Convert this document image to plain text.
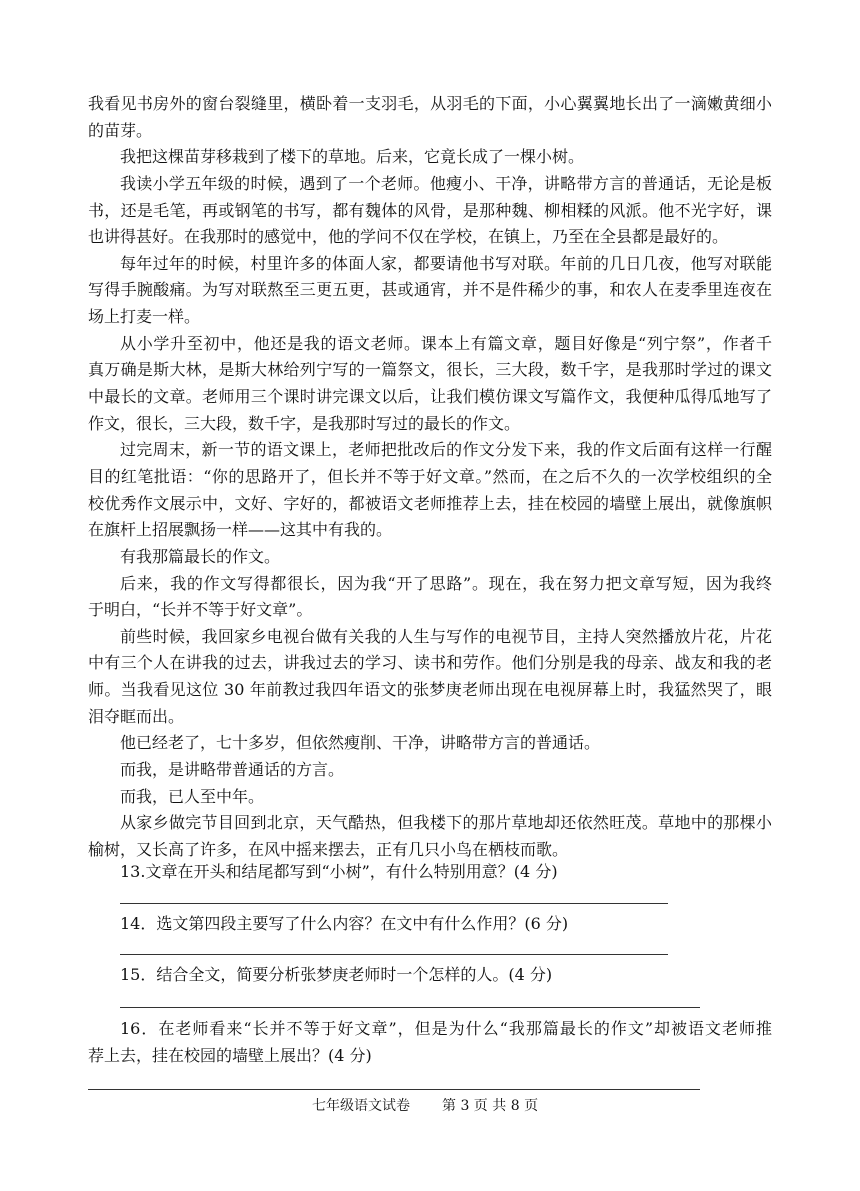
我看见书房外的窗台裂缝里，横卧着一支羽毛，从羽毛的下面，小心翼翼地长出了一滴嫩黄细小
的苗芽。
我把这棵苗芽移栽到了楼下的草地。后来，它竟长成了一棵小树。
我读小学五年级的时候，遇到了一个老师。他瘦小、干净，讲略带方言的普通话，无论是板
书，还是毛笔，再或钢笔的书写，都有魏体的风骨，是那种魏、柳相糅的风派。他不光字好，课
也讲得甚好。在我那时的感觉中，他的学问不仅在学校，在镇上，乃至在全县都是最好的。
每年过年的时候，村里许多的体面人家，都要请他书写对联。年前的几日几夜，他写对联能
写得手腕酸痛。为写对联熬至三更五更，甚或通宵，并不是件稀少的事，和农人在麦季里连夜在
场上打麦一样。
从小学升至初中，他还是我的语文老师。课本上有篇文章，题目好像是“列宁祭”，作者千
真万确是斯大林，是斯大林给列宁写的一篇祭文，很长，三大段，数千字，是我那时学过的课文
中最长的文章。老师用三个课时讲完课文以后，让我们模仿课文写篇作文，我便种瓜得瓜地写了
作文，很长，三大段，数千字，是我那时写过的最长的作文。
过完周末，新一节的语文课上，老师把批改后的作文分发下来，我的作文后面有这样一行醒
目的红笔批语：“你的思路开了，但长并不等于好文章。”然而，在之后不久的一次学校组织的全
校优秀作文展示中，文好、字好的，都被语文老师推荐上去，挂在校园的墙壁上展出，就像旗帜
在旗杆上招展飘扬一样——这其中有我的。
有我那篇最长的作文。
后来，我的作文写得都很长，因为我“开了思路”。现在，我在努力把文章写短，因为我终
于明白，“长并不等于好文章”。
前些时候，我回家乡电视台做有关我的人生与写作的电视节目，主持人突然播放片花，片花
中有三个人在讲我的过去，讲我过去的学习、读书和劳作。他们分别是我的母亲、战友和我的老
师。当我看见这位 30 年前教过我四年语文的张梦庚老师出现在电视屏幕上时，我猛然哭了，眼
泪夺眶而出。
他已经老了，七十多岁，但依然瘦削、干净，讲略带方言的普通话。
而我，是讲略带普通话的方言。
而我，已人至中年。
从家乡做完节目回到北京，天气酷热，但我楼下的那片草地却还依然旺茂。草地中的那棵小
榆树，又长高了许多，在风中摇来摆去，正有几只小鸟在栖枝而歌。
13.文章在开头和结尾都写到“小树”，有什么特别用意？(4 分)
14．选文第四段主要写了什么内容？在文中有什么作用？(6 分)
15．结合全文，简要分析张梦庚老师时一个怎样的人。(4 分)
16．在老师看来“长并不等于好文章”，但是为什么“我那篇最长的作文”却被语文老师推
荐上去，挂在校园的墙壁上展出？(4 分)
七年级语文试卷 第 3 页 共 8 页
